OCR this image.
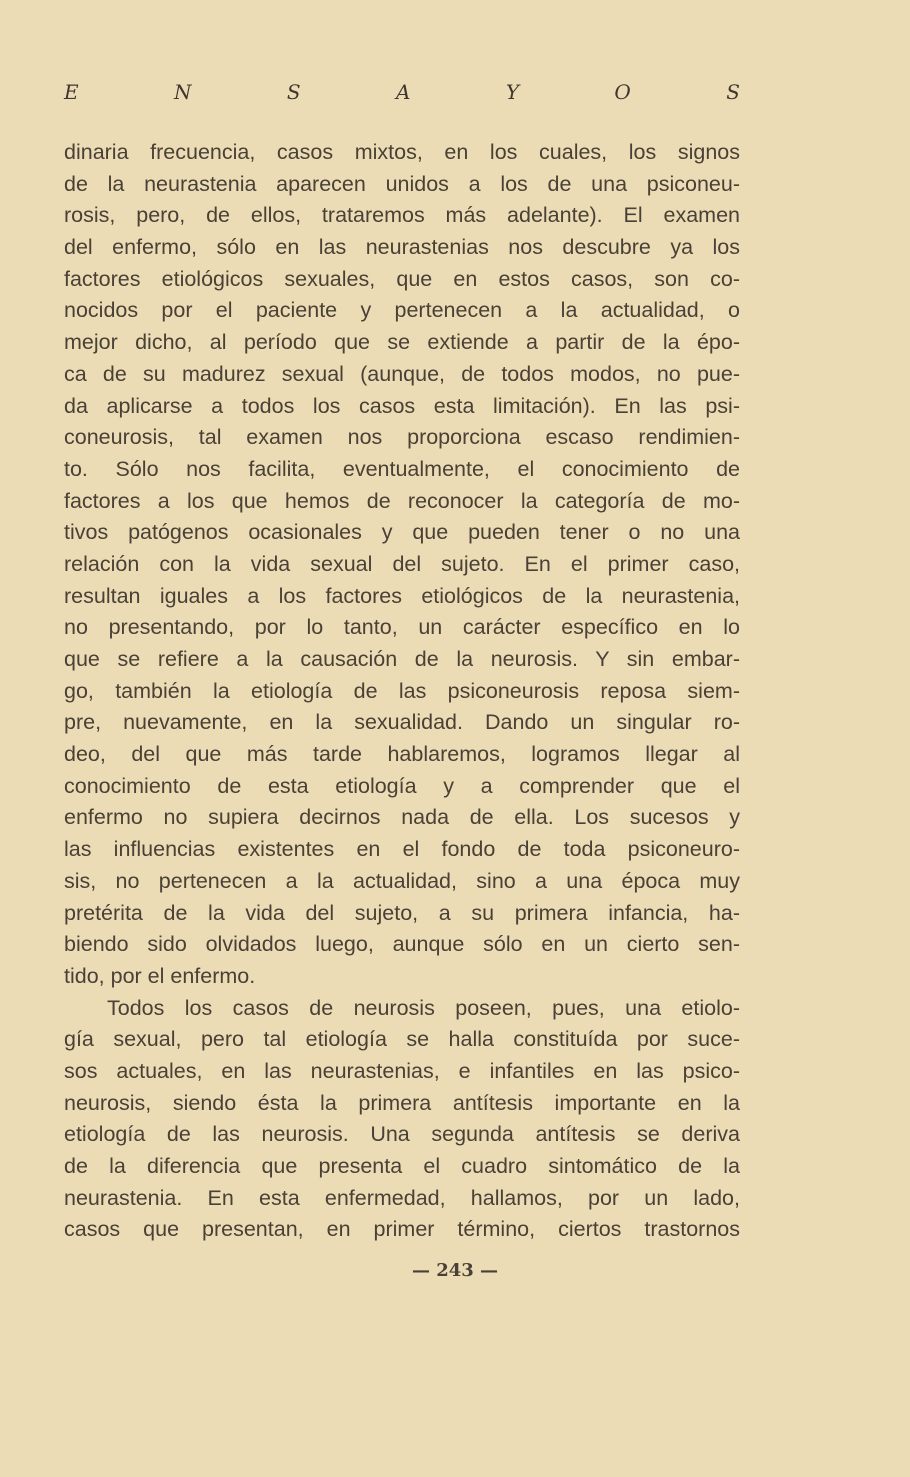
E	N	S	A	Y	O	S
dinaria frecuencia, casos mixtos, en los cuales, los signos
de la neurastenia aparecen unidos a los de una psiconeu-
rosis, pero, de ellos, trataremos más adelante). El examen
del enfermo, sólo en las neurastenias nos descubre ya los
factores etiológicos sexuales, que en estos casos, son co-
nocidos por el paciente y pertenecen a la actualidad, o
mejor dicho, al período que se extiende a partir de la épo-
ca de su madurez sexual (aunque, de todos modos, no pue-
da aplicarse a todos los casos esta limitación). En las psi-
coneurosis, tal examen nos proporciona escaso rendimien-
to. Sólo nos facilita, eventualmente, el conocimiento de
factores a los que hemos de reconocer la categoría de mo-
tivos patógenos ocasionales y que pueden tener o no una
relación con la vida sexual del sujeto. En el primer caso,
resultan iguales a los factores etiológicos de la neurastenia,
no presentando, por lo tanto, un carácter específico en lo
que se refiere a la causación de la neurosis. Y sin embar-
go, también la etiología de las psiconeurosis reposa siem-
pre, nuevamente, en la sexualidad. Dando un singular ro-
deo, del que más tarde hablaremos, logramos llegar al
conocimiento de esta etiología y a comprender que el
enfermo no supiera decirnos nada de ella. Los sucesos y
las influencias existentes en el fondo de toda psiconeuro-
sis, no pertenecen a la actualidad, sino a una época muy
pretérita de la vida del sujeto, a su primera infancia, ha-
biendo sido olvidados luego, aunque sólo en un cierto sen-
tido, por el enfermo.
Todos los casos de neurosis poseen, pues, una etiolo-
gía sexual, pero tal etiología se halla constituída por suce-
sos actuales, en las neurastenias, e infantiles en las psico-
neurosis, siendo ésta la primera antítesis importante en la
etiología de las neurosis. Una segunda antítesis se deriva
de la diferencia que presenta el cuadro sintomático de la
neurastenia. En esta enfermedad, hallamos, por un lado,
casos que presentan, en primer término, ciertos trastornos
— 243 —
